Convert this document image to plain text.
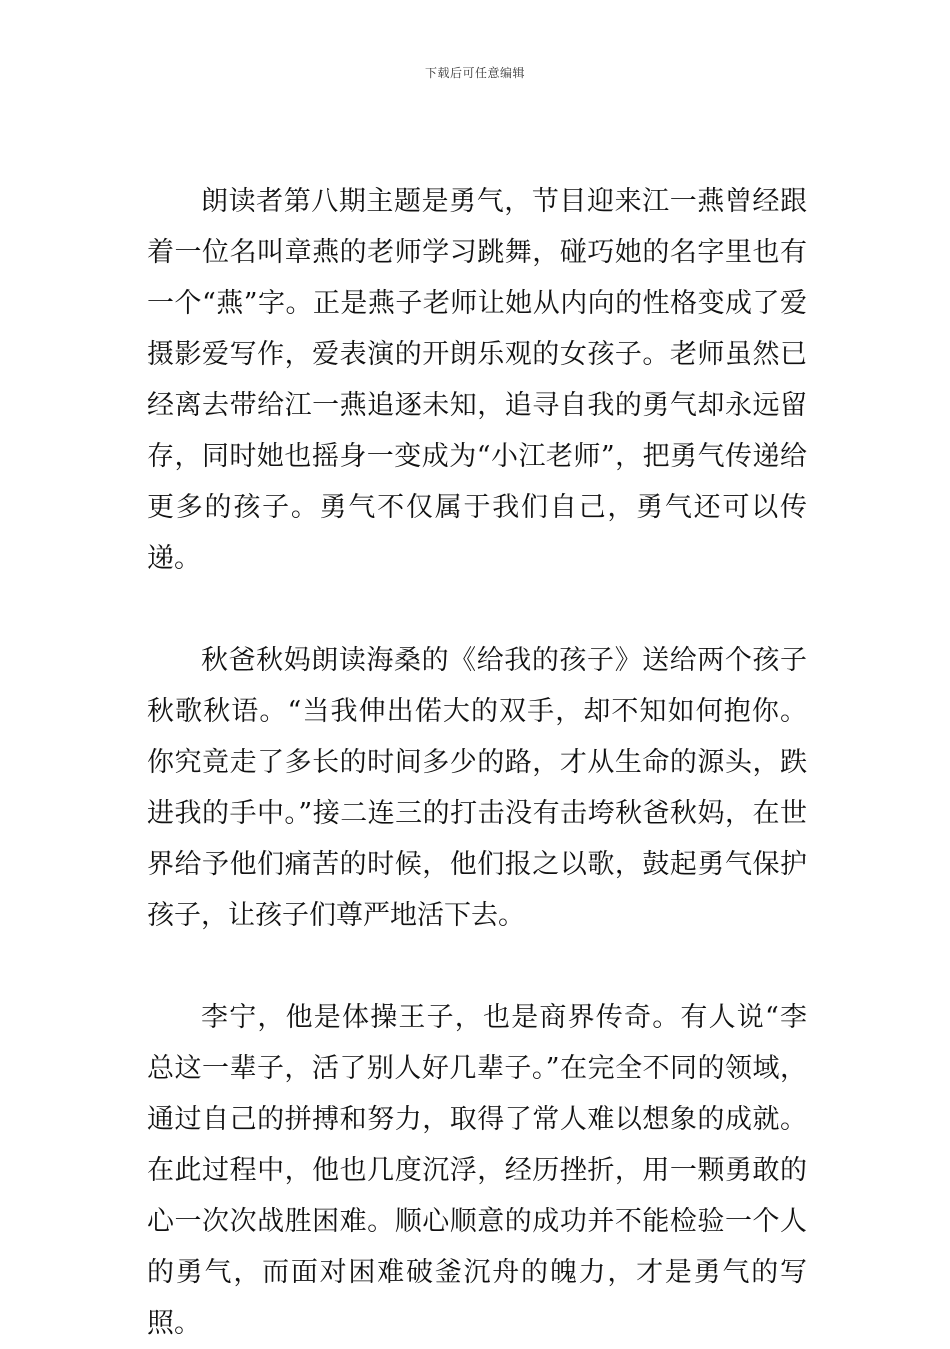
下载后可任意编辑

朗读者第八期主题是勇气，节目迎来江一燕曾经跟着一位名叫章燕的老师学习跳舞，碰巧她的名字里也有一个“燕”字。正是燕子老师让她从内向的性格变成了爱摄影爱写作，爱表演的开朗乐观的女孩子。老师虽然已经离去带给江一燕追逐未知，追寻自我的勇气却永远留存，同时她也摇身一变成为“小江老师”，把勇气传递给更多的孩子。勇气不仅属于我们自己，勇气还可以传递。

秋爸秋妈朗读海桑的《给我的孩子》送给两个孩子秋歌秋语。“当我伸出偌大的双手，却不知如何抱你。你究竟走了多长的时间多少的路，才从生命的源头，跌进我的手中。”接二连三的打击没有击垮秋爸秋妈，在世界给予他们痛苦的时候，他们报之以歌，鼓起勇气保护孩子，让孩子们尊严地活下去。

李宁，他是体操王子，也是商界传奇。有人说“李总这一辈子，活了别人好几辈子。”在完全不同的领域，通过自己的拼搏和努力，取得了常人难以想象的成就。在此过程中，他也几度沉浮，经历挫折，用一颗勇敢的心一次次战胜困难。顺心顺意的成功并不能检验一个人的勇气，而面对困难破釜沉舟的魄力，才是勇气的写照。
